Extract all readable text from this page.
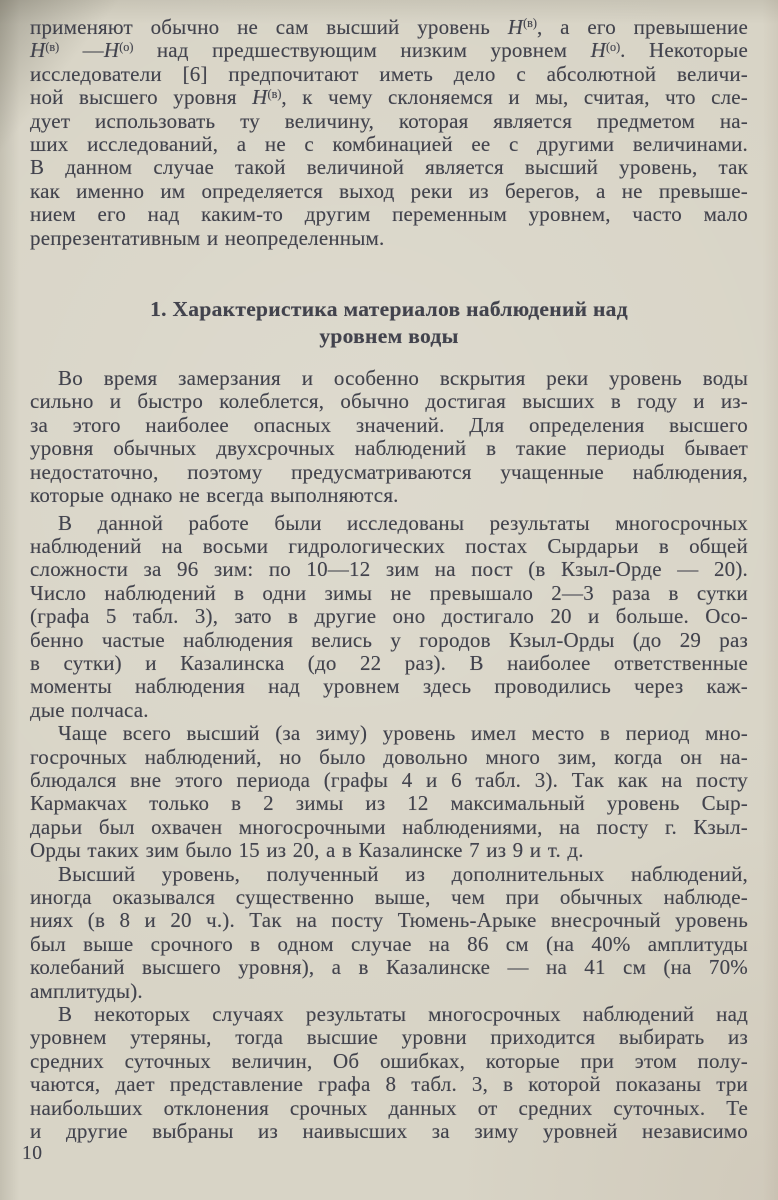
применяют обычно не сам высший уровень $H^{(в)}$, а его превышение
$H^{(в)}$ $—H^{(о)}$ над предшествующим низким уровнем $H^{(о)}$. Некоторые
исследователи [6] предпочитают иметь дело с абсолютной величи-
ной высшего уровня $H^{(в)}$, к чему склоняемся и мы, считая, что сле-
дует использовать ту величину, которая является предметом на-
ших исследований, а не с комбинацией ее с другими величинами.
В данном случае такой величиной является высший уровень, так
как именно им определяется выход реки из берегов, а не превыше-
нием его над каким-то другим переменным уровнем, часто мало
репрезентативным и неопределенным.
1. Характеристика материалов наблюдений над
уровнем воды
Во время замерзания и особенно вскрытия реки уровень воды
сильно и быстро колеблется, обычно достигая высших в году и из-
за этого наиболее опасных значений. Для определения высшего
уровня обычных двухсрочных наблюдений в такие периоды бывает
недостаточно, поэтому предусматриваются учащенные наблюдения,
которые однако не всегда выполняются.
В данной работе были исследованы результаты многосрочных
наблюдений на восьми гидрологических постах Сырдарьи в общей
сложности за 96 зим: по 10—12 зим на пост (в Кзыл-Орде — 20).
Число наблюдений в одни зимы не превышало 2—3 раза в сутки
(графа 5 табл. 3), зато в другие оно достигало 20 и больше. Осо-
бенно частые наблюдения велись у городов Кзыл-Орды (до 29 раз
в сутки) и Казалинска (до 22 раз). В наиболее ответственные
моменты наблюдения над уровнем здесь проводились через каж-
дые полчаса.
Чаще всего высший (за зиму) уровень имел место в период мно-
госрочных наблюдений, но было довольно много зим, когда он на-
блюдался вне этого периода (графы 4 и 6 табл. 3). Так как на посту
Кармакчах только в 2 зимы из 12 максимальный уровень Сыр-
дарьи был охвачен многосрочными наблюдениями, на посту г. Кзыл-
Орды таких зим было 15 из 20, а в Казалинске 7 из 9 и т. д.
Высший уровень, полученный из дополнительных наблюдений,
иногда оказывался существенно выше, чем при обычных наблюде-
ниях (в 8 и 20 ч.). Так на посту Тюмень-Арыке внесрочный уровень
был выше срочного в одном случае на 86 см (на 40% амплитуды
колебаний высшего уровня), а в Казалинске — на 41 см (на 70%
амплитуды).
В некоторых случаях результаты многосрочных наблюдений над
уровнем утеряны, тогда высшие уровни приходится выбирать из
средних суточных величин, Об ошибках, которые при этом полу-
чаются, дает представление графа 8 табл. 3, в которой показаны три
наибольших отклонения срочных данных от средних суточных. Те
и другие выбраны из наивысших за зиму уровней независимо
10
